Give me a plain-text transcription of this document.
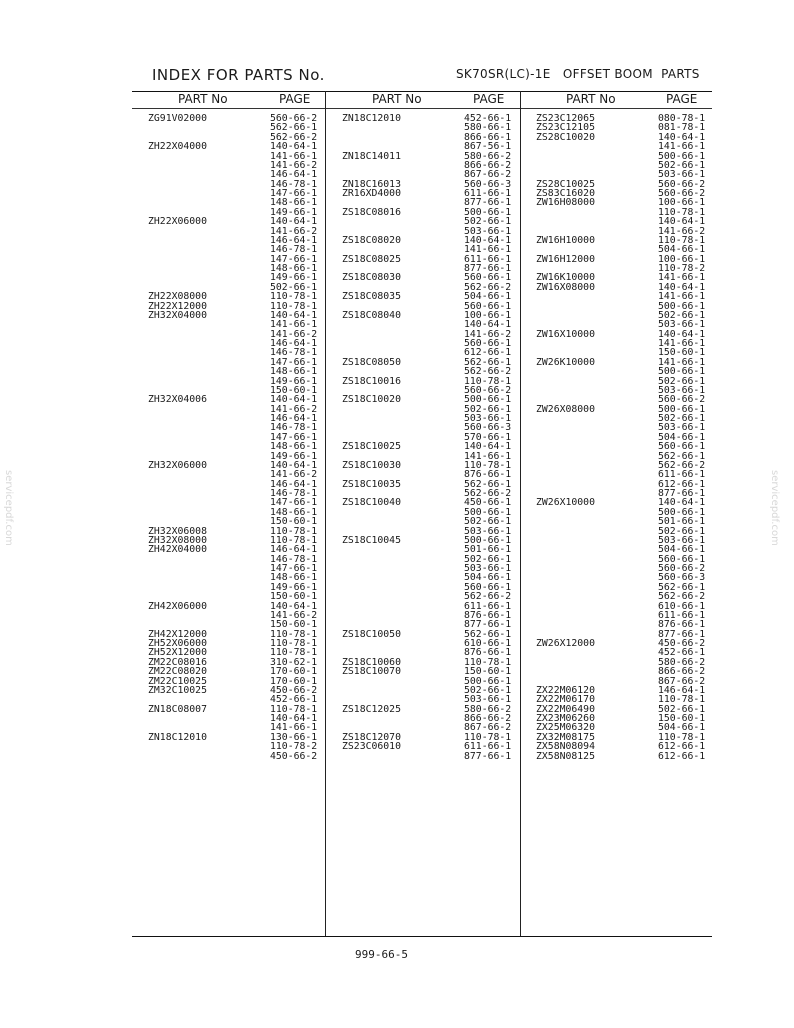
INDEX FOR PARTS No.	SK70SR(LC)-1E   OFFSET BOOM  PARTS
PART No	PAGE	PART No	PAGE	PART No	PAGE
ZG91V02000	560-66-2
562-66-1
562-66-2
ZH22X04000	140-64-1
141-66-1
141-66-2
146-64-1
146-78-1
147-66-1
148-66-1
149-66-1
ZH22X06000	140-64-1
141-66-2
146-64-1
146-78-1
147-66-1
148-66-1
149-66-1
502-66-1
ZH22X08000	110-78-1
ZH22X12000	110-78-1
ZH32X04000	140-64-1
141-66-1
141-66-2
146-64-1
146-78-1
147-66-1
148-66-1
149-66-1
150-60-1
ZH32X04006	140-64-1
141-66-2
146-64-1
146-78-1
147-66-1
148-66-1
149-66-1
ZH32X06000	140-64-1
141-66-2
146-64-1
146-78-1
147-66-1
148-66-1
150-60-1
ZH32X06008	110-78-1
ZH32X08000	110-78-1
ZH42X04000	146-64-1
146-78-1
147-66-1
148-66-1
149-66-1
150-60-1
ZH42X06000	140-64-1
141-66-2
150-60-1
ZH42X12000	110-78-1
ZH52X06000	110-78-1
ZH52X12000	110-78-1
ZM22C08016	310-62-1
ZM22C08020	170-60-1
ZM22C10025	170-60-1
ZM32C10025	450-66-2
452-66-1
ZN18C08007	110-78-1
140-64-1
141-66-1
ZN18C12010	130-66-1
110-78-2
450-66-2
ZN18C12010	452-66-1
580-66-1
866-66-1
867-56-1
ZN18C14011	580-66-2
866-66-2
867-66-2
ZN18C16013	560-66-3
ZR16XD4000	611-66-1
877-66-1
ZS18C08016	500-66-1
502-66-1
503-66-1
ZS18C08020	140-64-1
141-66-1
ZS18C08025	611-66-1
877-66-1
ZS18C08030	560-66-1
562-66-2
ZS18C08035	504-66-1
560-66-1
ZS18C08040	100-66-1
140-64-1
141-66-2
560-66-1
612-66-1
ZS18C08050	562-66-1
562-66-2
ZS18C10016	110-78-1
560-66-2
ZS18C10020	500-66-1
502-66-1
503-66-1
560-66-3
570-66-1
ZS18C10025	140-64-1
141-66-1
ZS18C10030	110-78-1
876-66-1
ZS18C10035	562-66-1
562-66-2
ZS18C10040	450-66-1
500-66-1
502-66-1
503-66-1
ZS18C10045	500-66-1
501-66-1
502-66-1
503-66-1
504-66-1
560-66-1
562-66-2
611-66-1
876-66-1
877-66-1
ZS18C10050	562-66-1
610-66-1
876-66-1
ZS18C10060	110-78-1
ZS18C10070	150-60-1
500-66-1
502-66-1
503-66-1
ZS18C12025	580-66-2
866-66-2
867-66-2
ZS18C12070	110-78-1
ZS23C06010	611-66-1
877-66-1
ZS23C12065	080-78-1
ZS23C12105	081-78-1
ZS28C10020	140-64-1
141-66-1
500-66-1
502-66-1
503-66-1
ZS28C10025	560-66-2
ZS83C16020	560-66-2
ZW16H08000	100-66-1
110-78-1
140-64-1
141-66-2
ZW16H10000	110-78-1
504-66-1
ZW16H12000	100-66-1
110-78-2
ZW16K10000	141-66-1
ZW16X08000	140-64-1
141-66-1
500-66-1
502-66-1
503-66-1
ZW16X10000	140-64-1
141-66-1
150-60-1
ZW26K10000	141-66-1
500-66-1
502-66-1
503-66-1
560-66-2
ZW26X08000	500-66-1
502-66-1
503-66-1
504-66-1
560-66-1
562-66-1
562-66-2
611-66-1
612-66-1
877-66-1
ZW26X10000	140-64-1
500-66-1
501-66-1
502-66-1
503-66-1
504-66-1
560-66-1
560-66-2
560-66-3
562-66-1
562-66-2
610-66-1
611-66-1
876-66-1
877-66-1
ZW26X12000	450-66-2
452-66-1
580-66-2
866-66-2
867-66-2
ZX22M06120	146-64-1
ZX22M06170	110-78-1
ZX22M06490	502-66-1
ZX23M06260	150-60-1
ZX25M06320	504-66-1
ZX32M08175	110-78-1
ZX58N08094	612-66-1
ZX58N08125	612-66-1
999-66-5
servicepdf.com	servicepdf.com
